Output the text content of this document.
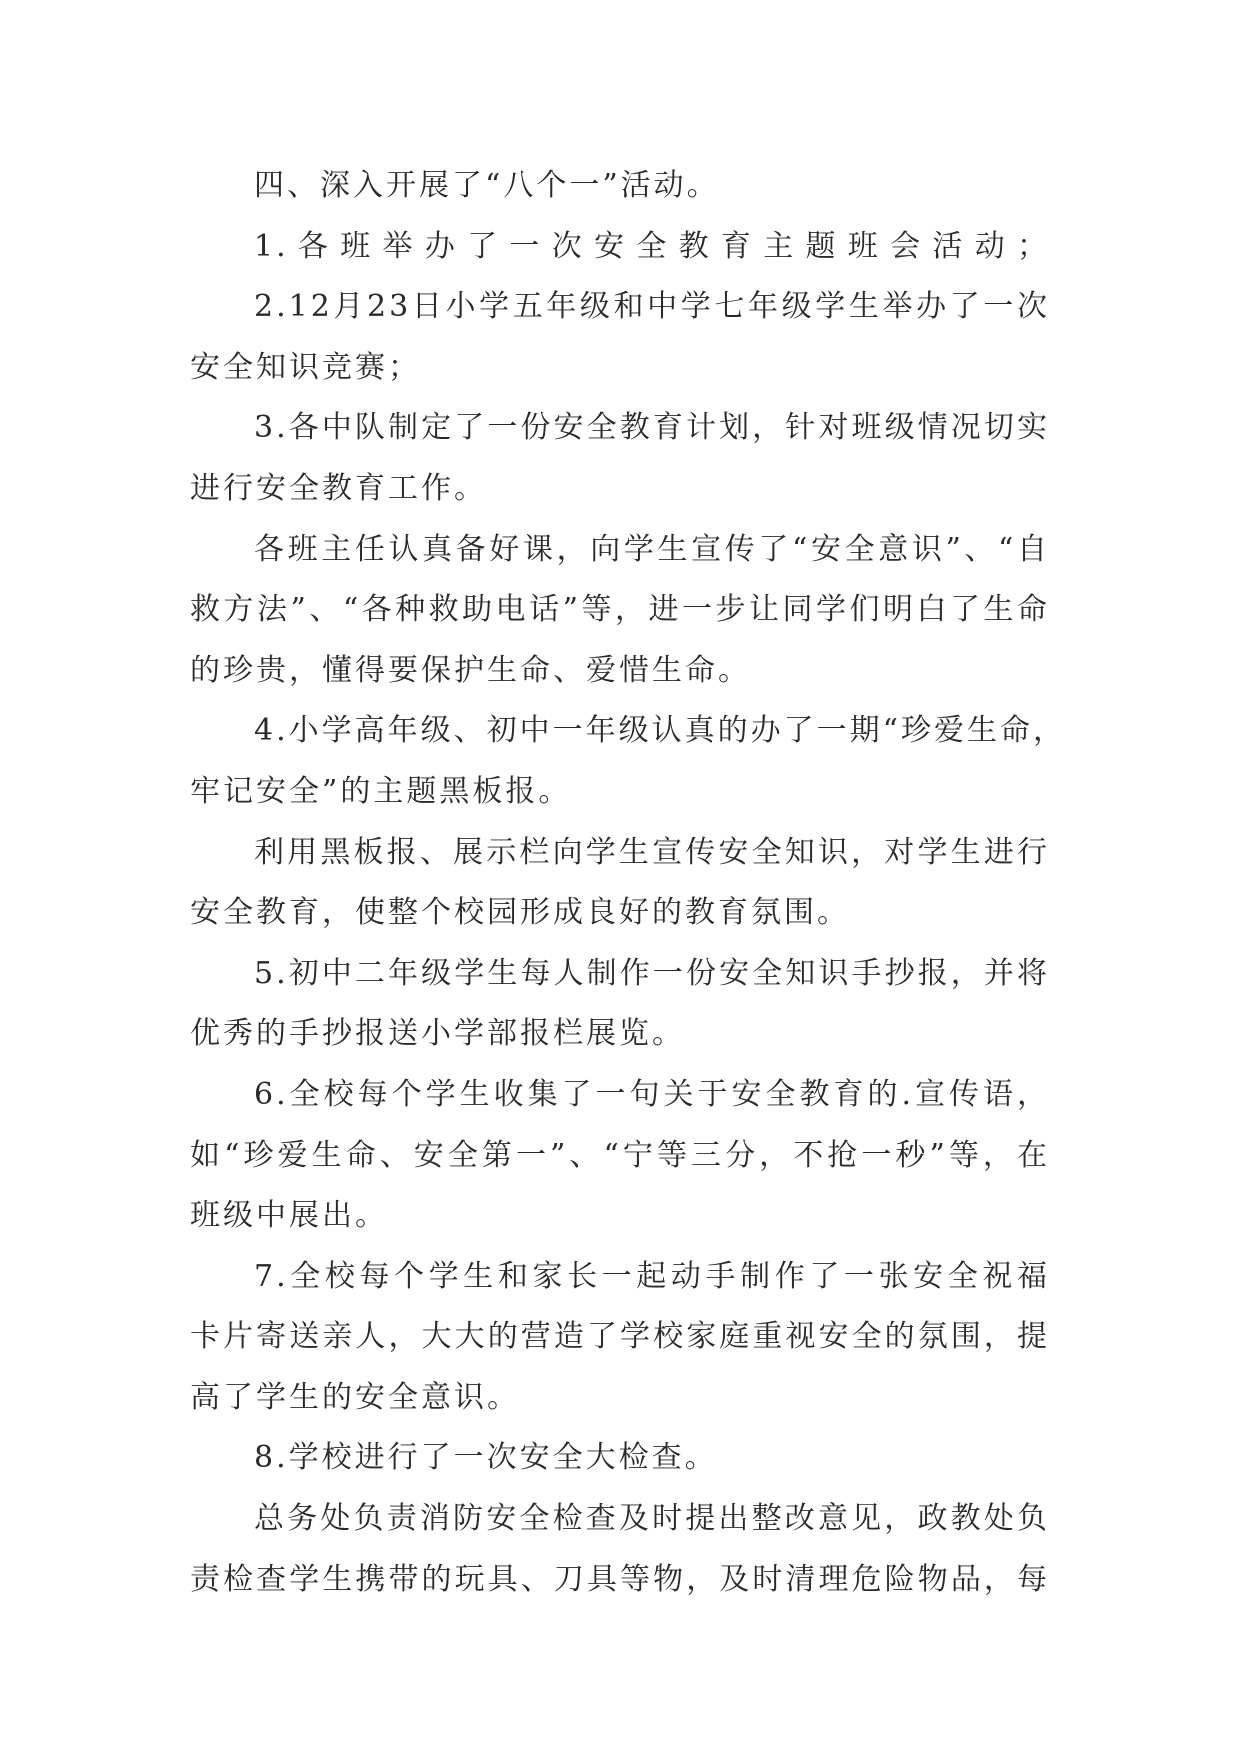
四、深入开展了“八个一”活动。
1.各班举办了一次安全教育主题班会活动；
2.12月23日小学五年级和中学七年级学生举办了一次
安全知识竞赛；
3.各中队制定了一份安全教育计划，针对班级情况切实
进行安全教育工作。
各班主任认真备好课，向学生宣传了“安全意识”、“自
救方法”、“各种救助电话”等，进一步让同学们明白了生命
的珍贵，懂得要保护生命、爱惜生命。
4.小学高年级、初中一年级认真的办了一期“珍爱生命，
牢记安全”的主题黑板报。
利用黑板报、展示栏向学生宣传安全知识，对学生进行
安全教育，使整个校园形成良好的教育氛围。
5.初中二年级学生每人制作一份安全知识手抄报，并将
优秀的手抄报送小学部报栏展览。
6.全校每个学生收集了一句关于安全教育的.宣传语，
如“珍爱生命、安全第一”、“宁等三分，不抢一秒”等，在
班级中展出。
7.全校每个学生和家长一起动手制作了一张安全祝福
卡片寄送亲人，大大的营造了学校家庭重视安全的氛围，提
高了学生的安全意识。
8.学校进行了一次安全大检查。
总务处负责消防安全检查及时提出整改意见，政教处负
责检查学生携带的玩具、刀具等物，及时清理危险物品，每
